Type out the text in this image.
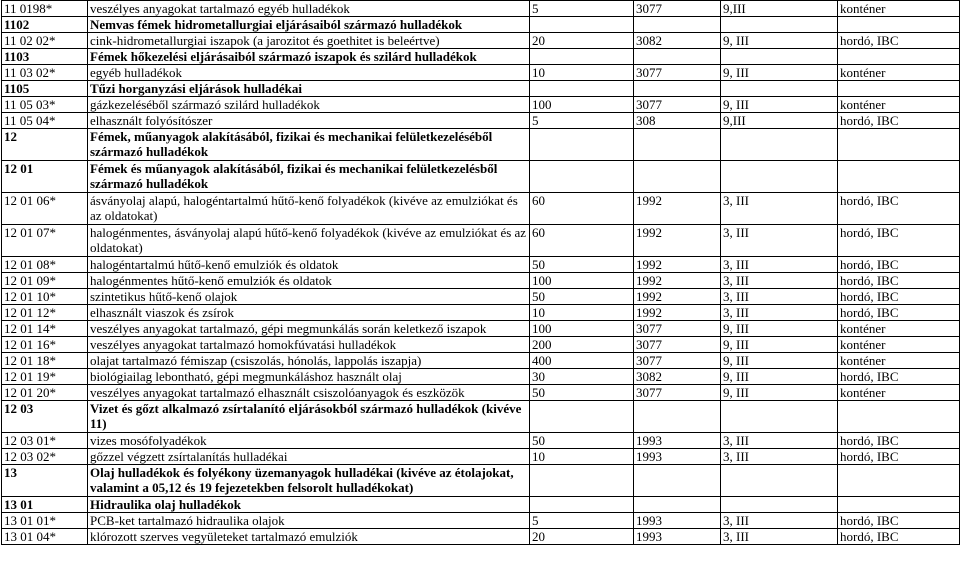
11 0198*	veszélyes anyagokat tartalmazó egyéb hulladékok	5	3077	9,III	konténer
1102	Nemvas fémek hidrometallurgiai eljárásaiból származó hulladékok				
11 02 02*	cink-hidrometallurgiai iszapok (a jarozitot és goethitet is beleértve)	20	3082	9, III	hordó, IBC
1103	Fémek hőkezelési eljárásaiból származó iszapok és szilárd hulladékok				
11 03 02*	egyéb hulladékok	10	3077	9, III	konténer
1105	Tűzi horganyzási eljárások hulladékai				
11 05 03*	gázkezeléséből származó szilárd hulladékok	100	3077	9, III	konténer
11 05 04*	elhasznált folyósítószer	5	308	9,III	hordó, IBC
12	Fémek, műanyagok alakításából, fizikai és mechanikai felületkezeléséből származó hulladékok				
12 01	Fémek és műanyagok alakításából, fizikai és mechanikai felületkezelésből származó hulladékok				
12 01 06*	ásványolaj alapú, halogéntartalmú hűtő-kenő folyadékok (kivéve az emulziókat és az oldatokat)	60	1992	3, III	hordó, IBC
12 01 07*	halogénmentes, ásványolaj alapú hűtő-kenő folyadékok (kivéve az emulziókat és az oldatokat)	60	1992	3, III	hordó, IBC
12 01 08*	halogéntartalmú hűtő-kenő emulziók és oldatok	50	1992	3, III	hordó, IBC
12 01 09*	halogénmentes hűtő-kenő emulziók és oldatok	100	1992	3, III	hordó, IBC
12 01 10*	szintetikus hűtő-kenő olajok	50	1992	3, III	hordó, IBC
12 01 12*	elhasznált viaszok és zsírok	10	1992	3, III	hordó, IBC
12 01 14*	veszélyes anyagokat tartalmazó, gépi megmunkálás során keletkező iszapok	100	3077	9, III	konténer
12 01 16*	veszélyes anyagokat tartalmazó homokfúvatási hulladékok	200	3077	9, III	konténer
12 01 18*	olajat tartalmazó fémiszap (csiszolás, hónolás, lappolás iszapja)	400	3077	9, III	konténer
12 01 19*	biológiailag lebontható, gépi megmunkáláshoz használt olaj	30	3082	9, III	hordó, IBC
12 01 20*	veszélyes anyagokat tartalmazó elhasznált csiszolóanyagok és eszközök	50	3077	9, III	konténer
12 03	Vizet és gőzt alkalmazó zsírtalanító eljárásokból származó hulladékok (kivéve 11)				
12 03 01*	vizes mosófolyadékok	50	1993	3, III	hordó, IBC
12 03 02*	gőzzel végzett zsírtalanítás hulladékai	10	1993	3, III	hordó, IBC
13	Olaj hulladékok és folyékony üzemanyagok hulladékai (kivéve az étolajokat, valamint a 05,12 és 19 fejezetekben felsorolt hulladékokat)				
13 01	Hidraulika olaj hulladékok				
13 01 01*	PCB-ket tartalmazó hidraulika olajok	5	1993	3, III	hordó, IBC
13 01 04*	klórozott szerves vegyületeket tartalmazó emulziók	20	1993	3, III	hordó, IBC
